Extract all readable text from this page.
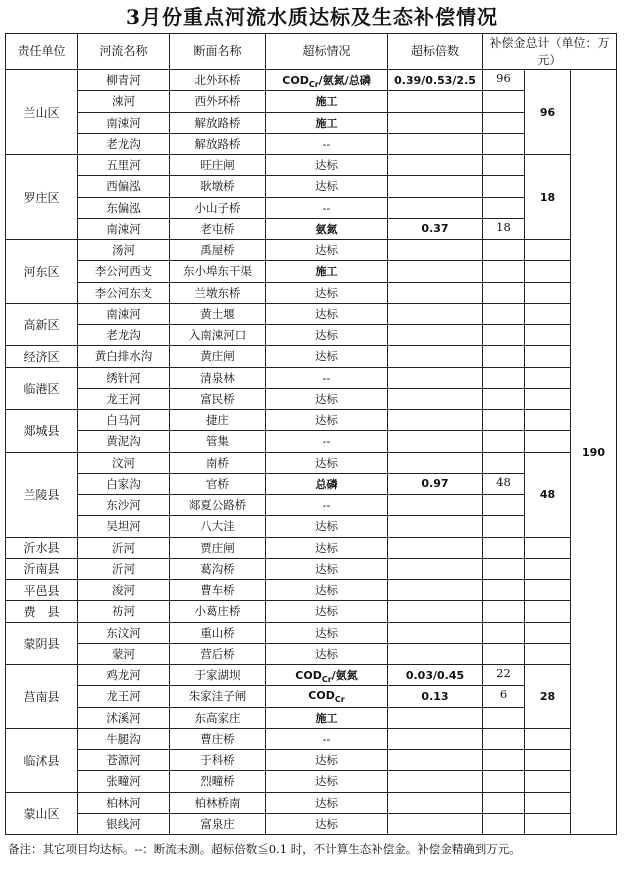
3月份重点河流水质达标及生态补偿情况
责任单位	河流名称	断面名称	超标情况	超标倍数	补偿金总计（单位：万元）		
兰山区	柳青河	北外环桥	$COD_{Cr}/$氨氮/总磷	0.39/0.53/2.5	96	96	190
	涑河	西外环桥	施工				
	南涑河	解放路桥	施工				
	老龙沟	解放路桥	--				
罗庄区	五里河	旺庄闸	达标			18	
	西偏泓	耿墩桥	达标				
	东偏泓	小山子桥	--				
	南涑河	老屯桥	氨氮	0.37	18		
河东区	汤河	禹屋桥	达标				
	李公河西支	东小埠东干渠	施工				
	李公河东支	兰墩东桥	达标				
高新区	南涑河	黄土堰	达标				
	老龙沟	入南涑河口	达标				
经济区	黄白排水沟	黄庄闸	达标				
临港区	绣针河	清泉林	--				
	龙王河	富民桥	达标				
郯城县	白马河	捷庄	达标				
	黄泥沟	管集	--				
兰陵县	汶河	南桥	达标			48	
	白家沟	官桥	总磷	0.97	48		
	东沙河	郯夏公路桥	--				
	吴坦河	八大洼	达标				
沂水县	沂河	贾庄闸	达标				
沂南县	沂河	葛沟桥	达标				
平邑县	浚河	曹车桥	达标				
费　县	祊河	小葛庄桥	达标				
蒙阴县	东汶河	重山桥	达标				
	蒙河	营后桥	达标				
莒南县	鸡龙河	于家湖坝	$COD_{Cr}/$氨氮	0.03/0.45	22	28	
	龙王河	朱家洼子闸	$COD_{Cr}$	0.13	6		
	沭溪河	东高家庄	施工				
临沭县	牛腿沟	曹庄桥	--				
	苍源河	于科桥	达标				
	张疃河	烈疃桥	达标				
蒙山区	柏林河	柏林桥南	达标				
	银线河	富泉庄	达标				
备注：其它项目均达标。--：断流未测。超标倍数≦0.1 时，不计算生态补偿金。补偿金精确到万元。
